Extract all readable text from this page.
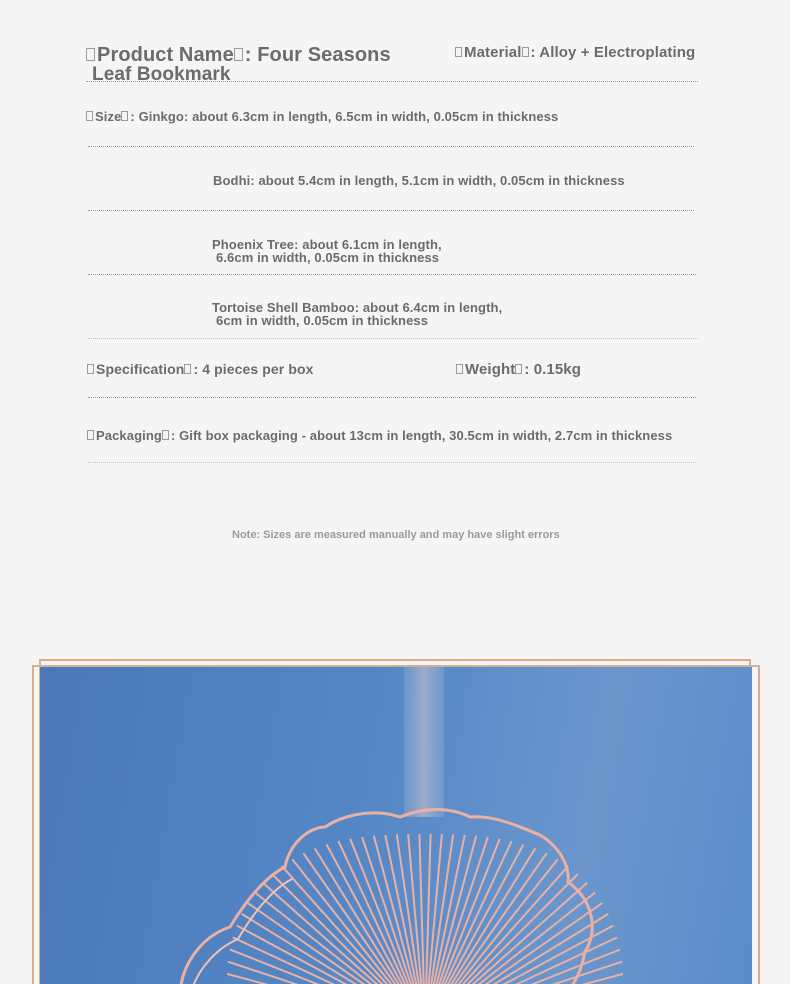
Product Name : Four Seasons
Leaf Bookmark
Material : Alloy + Electroplating
Size : Ginkgo: about 6.3cm in length, 6.5cm in width, 0.05cm in thickness
Bodhi: about 5.4cm in length, 5.1cm in width, 0.05cm in thickness
Phoenix Tree: about 6.1cm in length,
6.6cm in width, 0.05cm in thickness
Tortoise Shell Bamboo: about 6.4cm in length,
6cm in width, 0.05cm in thickness
Specification : 4 pieces per box	Weight : 0.15kg
Packaging : Gift box packaging - about 13cm in length, 30.5cm in width, 2.7cm in thickness
Note: Sizes are measured manually and may have slight errors
